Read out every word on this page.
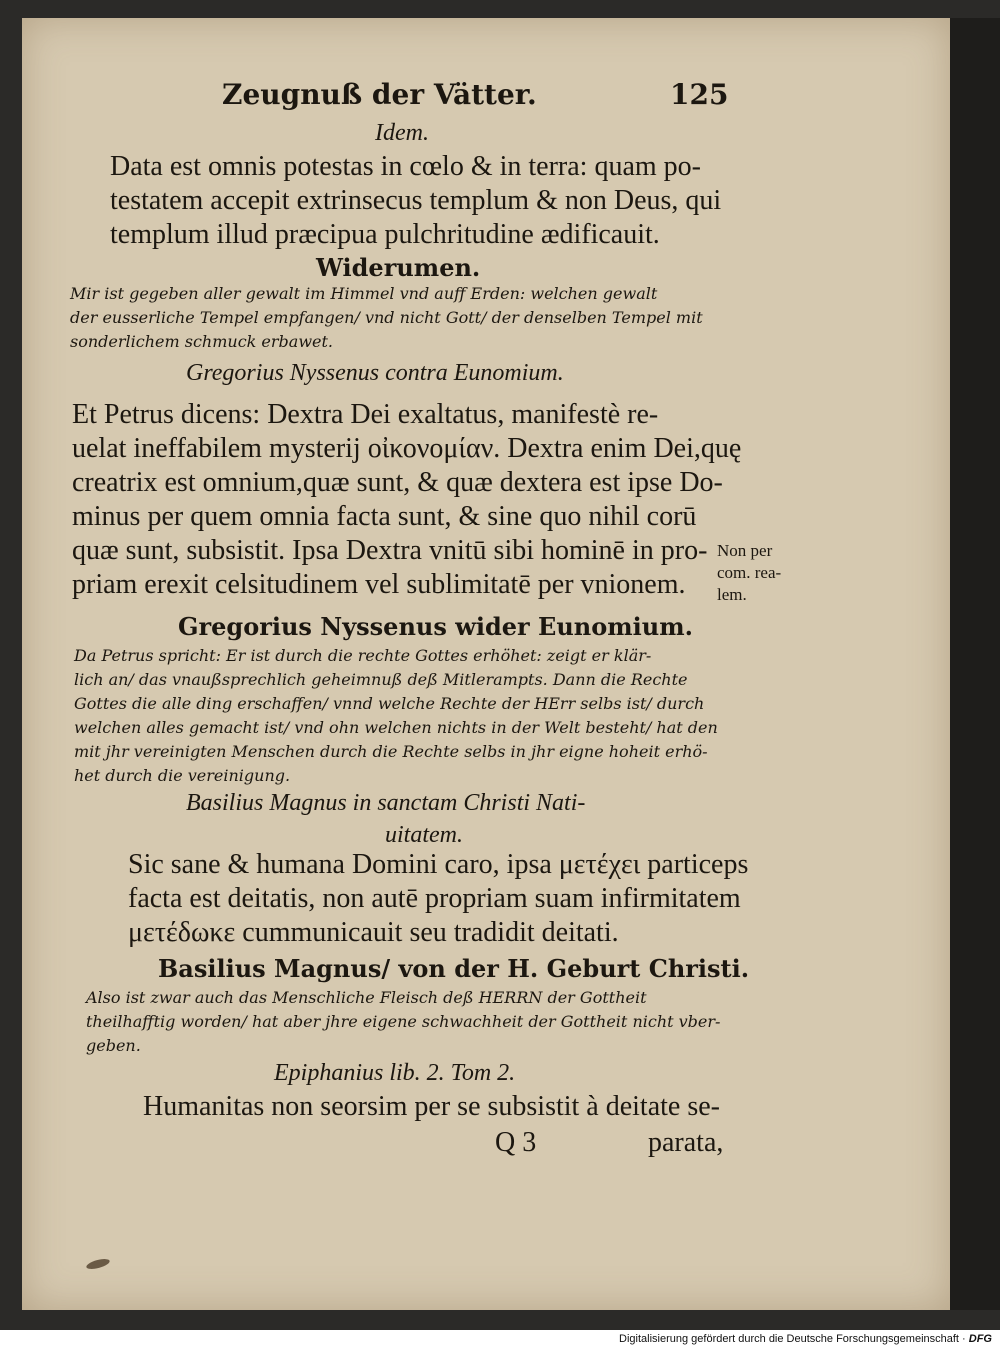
Zeugnuß der Vätter.	125
Idem.
Data est omnis potestas in cœlo & in terra: quam po-
testatem accepit extrinsecus templum & non Deus, qui
templum illud præcipua pulchritudine ædificauit.
Widerumen.
Mir ist gegeben aller gewalt im Himmel vnd auff Erden: welchen gewalt
der eusserliche Tempel empfangen/ vnd nicht Gott/ der denselben Tempel mit
sonderlichem schmuck erbawet.
Gregorius Nyssenus contra Eunomium.
Et Petrus dicens: Dextra Dei exaltatus, manifestè re-
uelat ineffabilem mysterij οἰκονομίαν. Dextra enim Dei,quę
creatrix est omnium,quæ sunt, & quæ dextera est ipse Do-
minus per quem omnia facta sunt, & sine quo nihil corū
quæ sunt, subsistit. Ipsa Dextra vnitū sibi hominē in pro-
priam erexit celsitudinem vel sublimitatē per vnionem.
Non per
com. rea-
lem.
Gregorius Nyssenus wider Eunomium.
Da Petrus spricht: Er ist durch die rechte Gottes erhöhet: zeigt er klär-
lich an/ das vnaußsprechlich geheimnuß deß Mitlerampts. Dann die Rechte
Gottes die alle ding erschaffen/ vnnd welche Rechte der HErr selbs ist/ durch
welchen alles gemacht ist/ vnd ohn welchen nichts in der Welt besteht/ hat den
mit jhr vereinigten Menschen durch die Rechte selbs in jhr eigne hoheit erhö-
het durch die vereinigung.
Basilius Magnus in sanctam Christi Nati-
uitatem.
Sic sane & humana Domini caro, ipsa μετέχει particeps
facta est deitatis, non autē propriam suam infirmitatem
μετέδωκε cummunicauit seu tradidit deitati.
Basilius Magnus/ von der H. Geburt Christi.
Also ist zwar auch das Menschliche Fleisch deß HERRN der Gottheit
theilhafftig worden/ hat aber jhre eigene schwachheit der Gottheit nicht vber-
geben.
Epiphanius lib. 2. Tom 2.
Humanitas non seorsim per se subsistit à deitate se-
Q 3	parata,
Digitalisierung gefördert durch die Deutsche Forschungsgemeinschaft · DFG
